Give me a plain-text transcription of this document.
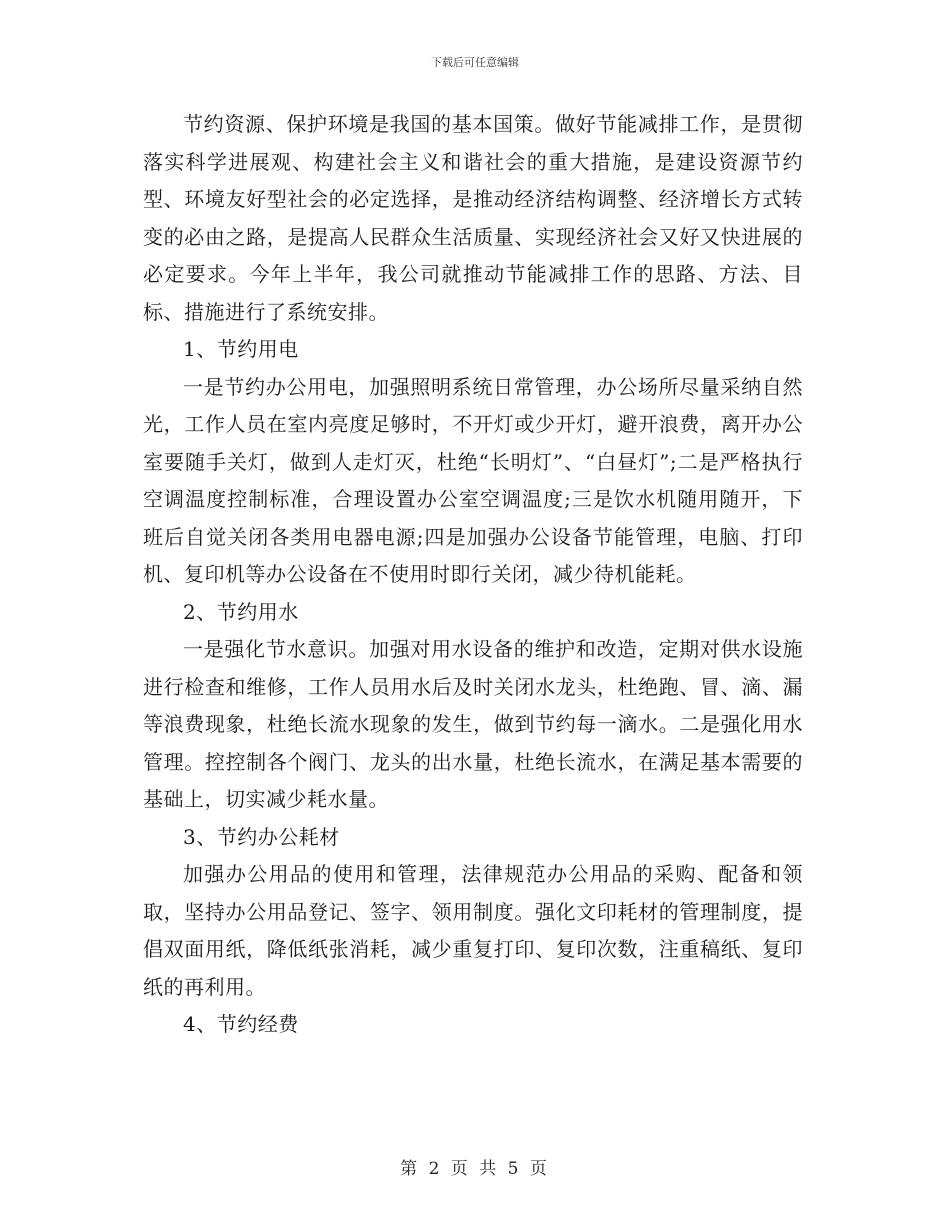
下载后可任意编辑

节约资源、保护环境是我国的基本国策。做好节能减排工作，是贯彻落实科学进展观、构建社会主义和谐社会的重大措施，是建设资源节约型、环境友好型社会的必定选择，是推动经济结构调整、经济增长方式转变的必由之路，是提高人民群众生活质量、实现经济社会又好又快进展的必定要求。今年上半年，我公司就推动节能减排工作的思路、方法、目标、措施进行了系统安排。

1、节约用电

一是节约办公用电，加强照明系统日常管理，办公场所尽量采纳自然光，工作人员在室内亮度足够时，不开灯或少开灯，避开浪费，离开办公室要随手关灯，做到人走灯灭，杜绝“长明灯”、“白昼灯”;二是严格执行空调温度控制标准，合理设置办公室空调温度;三是饮水机随用随开，下班后自觉关闭各类用电器电源;四是加强办公设备节能管理，电脑、打印机、复印机等办公设备在不使用时即行关闭，减少待机能耗。

2、节约用水

一是强化节水意识。加强对用水设备的维护和改造，定期对供水设施进行检查和维修，工作人员用水后及时关闭水龙头，杜绝跑、冒、滴、漏等浪费现象，杜绝长流水现象的发生，做到节约每一滴水。二是强化用水管理。控控制各个阀门、龙头的出水量，杜绝长流水，在满足基本需要的基础上，切实减少耗水量。

3、节约办公耗材

加强办公用品的使用和管理，法律规范办公用品的采购、配备和领取，坚持办公用品登记、签字、领用制度。强化文印耗材的管理制度，提倡双面用纸，降低纸张消耗，减少重复打印、复印次数，注重稿纸、复印纸的再利用。

4、节约经费

第 2 页 共 5 页
